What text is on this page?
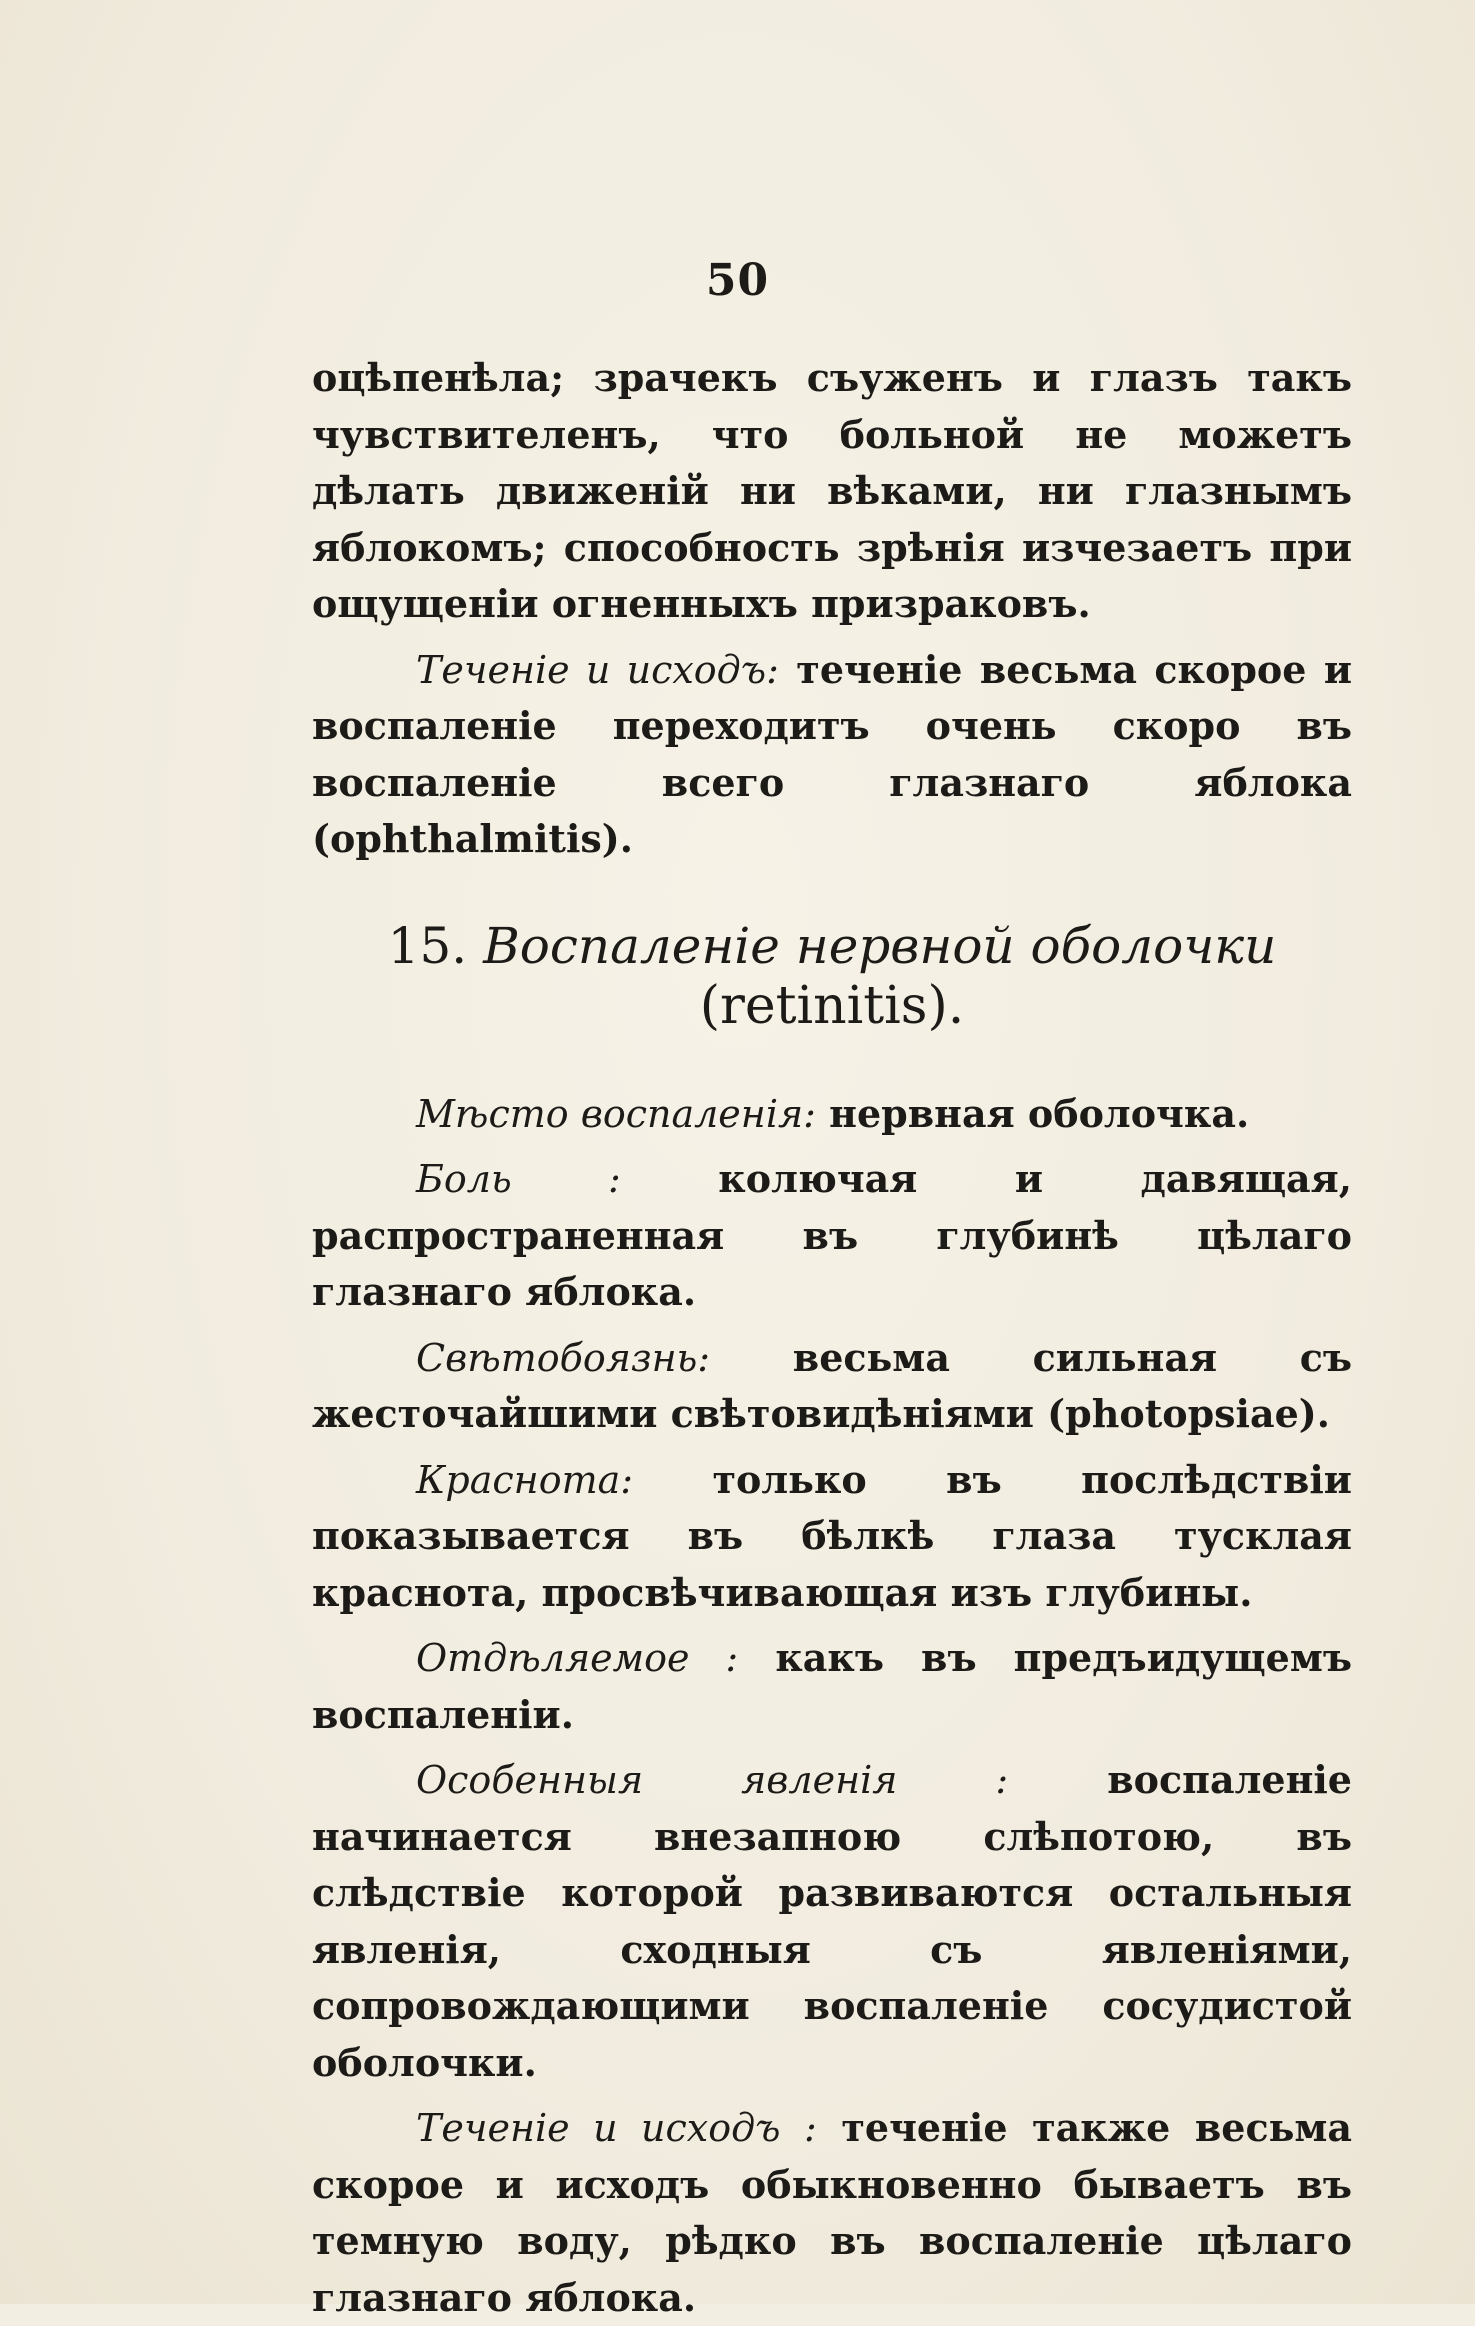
50

оцѣпенѣла; зрачекъ съуженъ и глазъ такъ чувствителенъ, что больной не можетъ дѣлать движенiй ни вѣками, ни глазнымъ яблокомъ; способность зрѣнiя изчезаетъ при ощущенiи огненныхъ призраковъ.

Теченiе и исходъ: теченiе весьма скорое и воспаленiе переходитъ очень скоро въ воспаленiе всего глазнаго яблока (ophthalmitis).

15. Воспаленiе нервной оболочки (retinitis).

Мѣсто воспаленiя: нервная оболочка.

Боль : колючая и давящая, распространенная въ глубинѣ цѣлаго глазнаго яблока.

Свѣтобоязнь: весьма сильная съ жесточайшими свѣтовидѣнiями (photopsiae).

Краснота: только въ послѣдствiи показывается въ бѣлкѣ глаза тусклая краснота, просвѣчивающая изъ глубины.

Отдѣляемое : какъ въ предъидущемъ воспаленiи.

Особенныя явленiя : воспаленiе начинается внезапною слѣпотою, въ слѣдствiе которой развиваются остальныя явленiя, сходныя съ явленiями, сопровождающими воспаленiе сосудистой оболочки.

Теченiе и исходъ : теченiе также весьма скорое и исходъ обыкновенно бываетъ въ темную воду, рѣдко въ воспаленiе цѣлаго глазнаго яблока.
